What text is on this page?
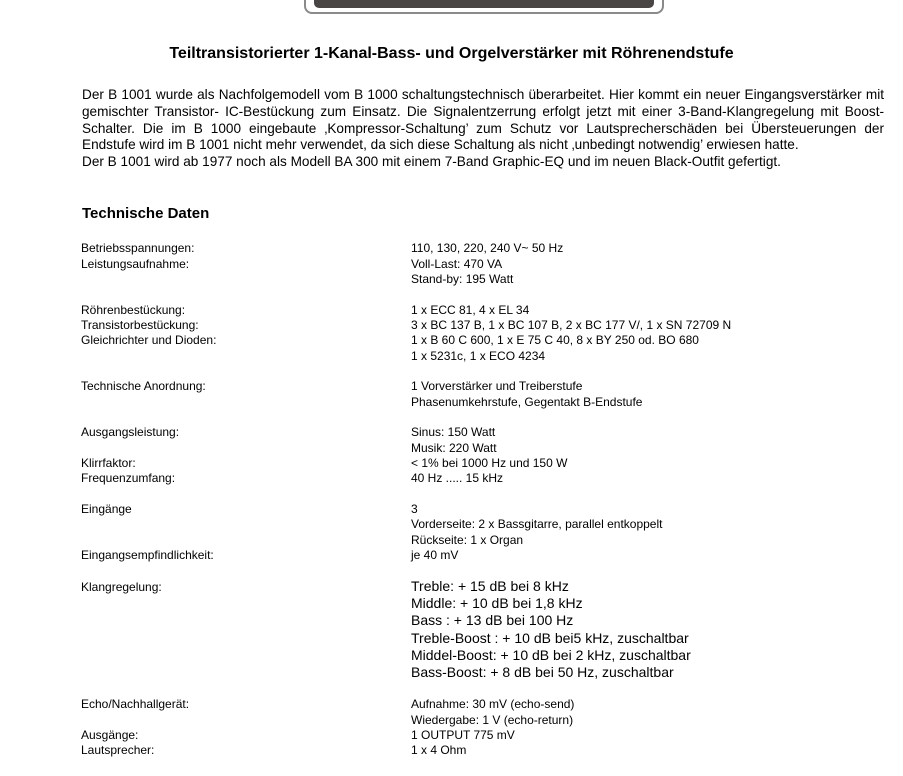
Teiltransistorierter 1-Kanal-Bass- und Orgelverstärker mit Röhrenendstufe

Der B 1001 wurde als Nachfolgemodell vom B 1000 schaltungstechnisch überarbeitet. Hier kommt ein neuer Eingangsverstärker mit gemischter Transistor- IC-Bestückung zum Einsatz. Die Signalentzerrung erfolgt jetzt mit einer 3-Band-Klangregelung mit Boost-Schalter. Die im B 1000 eingebaute ‚Kompressor-Schaltung’ zum Schutz vor Lautsprecherschäden bei Übersteuerungen der Endstufe wird im B 1001 nicht mehr verwendet, da sich diese Schaltung als nicht ‚unbedingt notwendig’ erwiesen hatte.

Der B 1001 wird ab 1977 noch als Modell BA 300 mit einem 7-Band Graphic-EQ und im neuen Black-Outfit gefertigt.

Technische Daten
Betriebsspannungen:	110, 130, 220, 240 V~ 50 Hz
Leistungsaufnahme:	Voll-Last: 470 VA
Stand-by: 195 Watt
Röhrenbestückung:	1 x ECC 81, 4 x EL 34
Transistorbestückung:	3 x BC 137 B, 1 x BC 107 B, 2 x BC 177 V/, 1 x SN 72709 N
Gleichrichter und Dioden:	1 x B 60 C 600, 1 x E 75 C 40, 8 x BY 250 od. BO 680
1 x 5231c, 1 x ECO 4234
Technische Anordnung:	1 Vorverstärker und Treiberstufe
Phasenumkehrstufe, Gegentakt B-Endstufe
Ausgangsleistung:	Sinus: 150 Watt
Musik: 220 Watt
Klirrfaktor:	< 1% bei 1000 Hz und 150 W
Frequenzumfang:	40 Hz ..... 15 kHz
Eingänge	3
Vorderseite: 2 x Bassgitarre, parallel entkoppelt
Rückseite: 1 x Organ
Eingangsempfindlichkeit:	je 40 mV
Klangregelung:	Treble: + 15 dB bei 8 kHz
Middle: + 10 dB bei 1,8 kHz
Bass : + 13 dB bei 100 Hz
Treble-Boost : + 10 dB bei5 kHz, zuschaltbar
Middel-Boost: + 10 dB bei 2 kHz, zuschaltbar
Bass-Boost: + 8 dB bei 50 Hz, zuschaltbar
Echo/Nachhallgerät:	Aufnahme: 30 mV (echo-send)
Wiedergabe: 1 V (echo-return)
Ausgänge:	1 OUTPUT 775 mV
Lautsprecher:	1 x 4 Ohm
